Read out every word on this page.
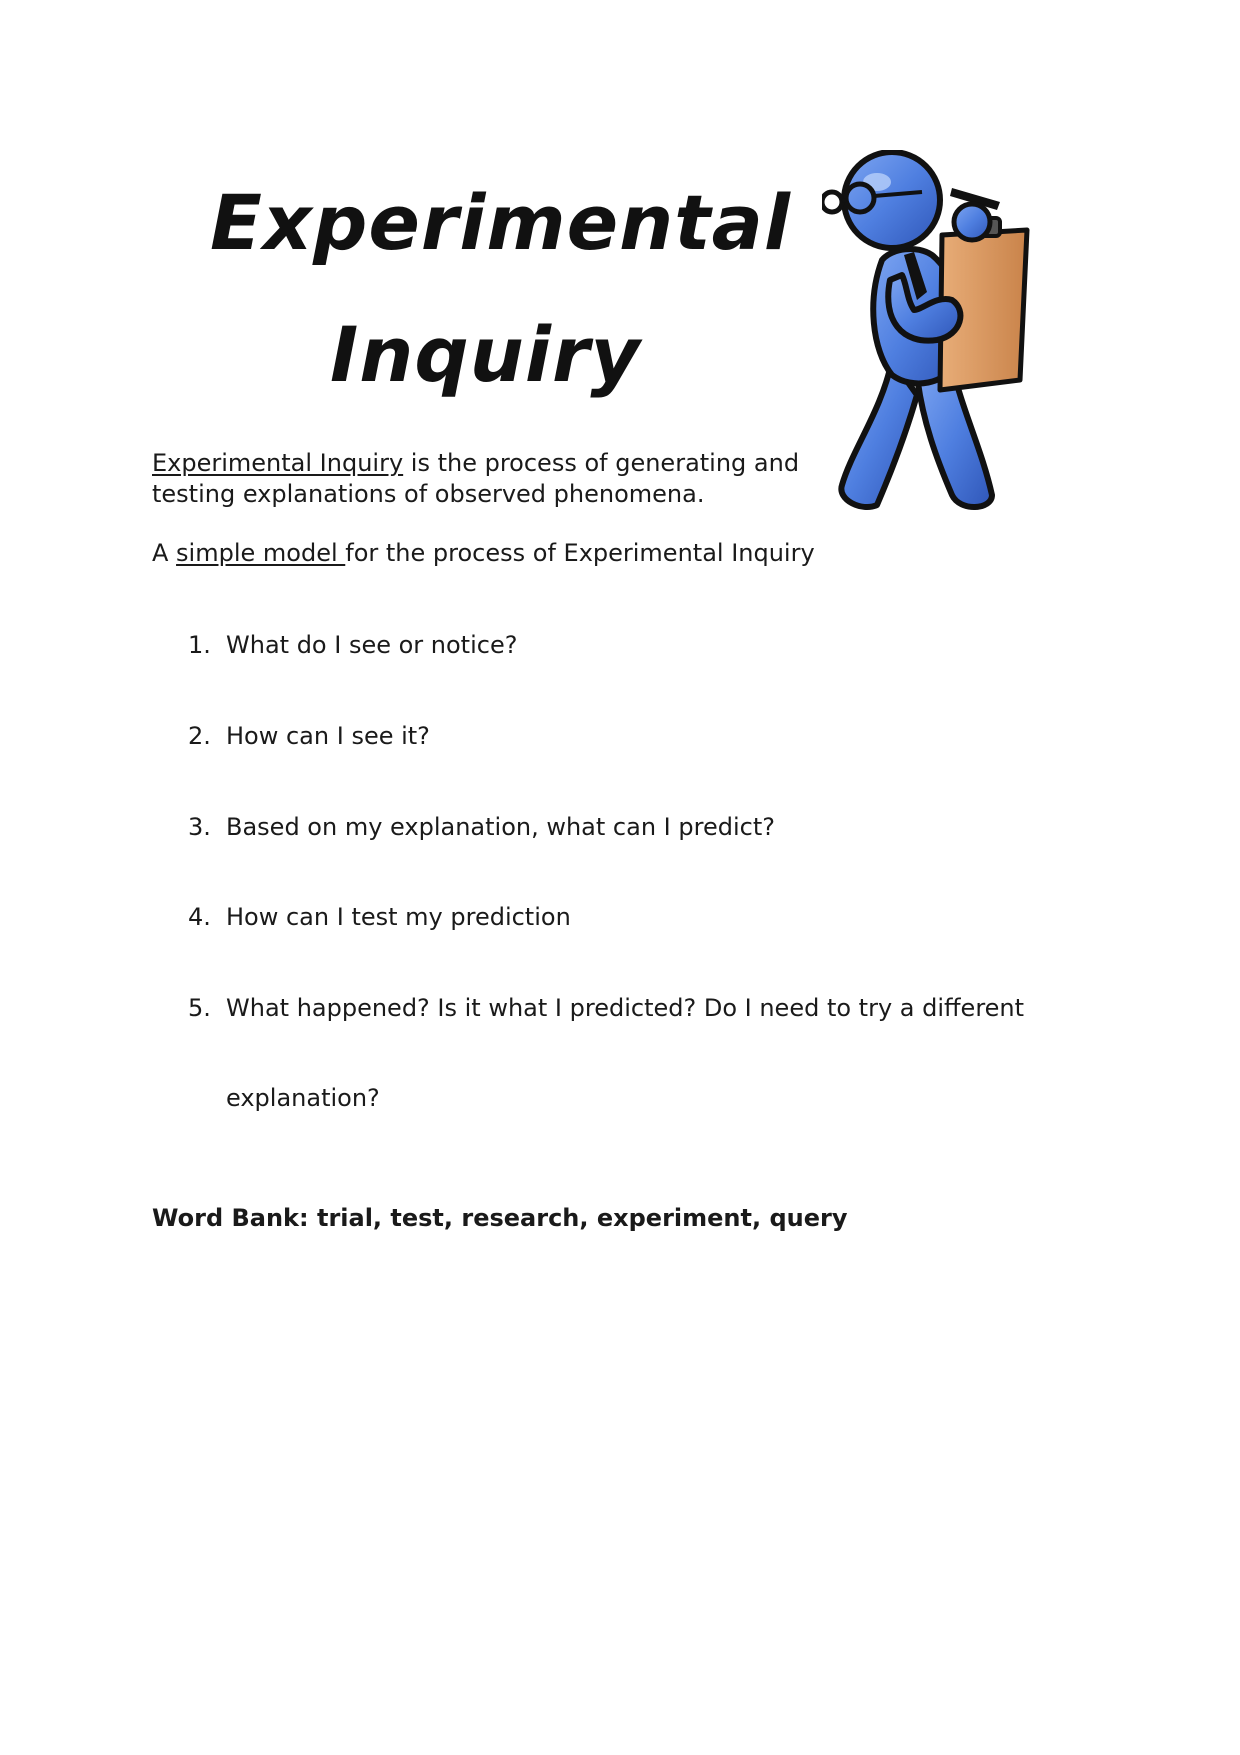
Experimental
Inquiry
Experimental Inquiry is the process of generating and
testing explanations of observed phenomena.
A simple model for the process of Experimental Inquiry
1. What do I see or notice?
2. How can I see it?
3. Based on my explanation, what can I predict?
4. How can I test my prediction
5. What happened? Is it what I predicted? Do I need to try a different
explanation?
Word Bank: trial, test, research, experiment, query
